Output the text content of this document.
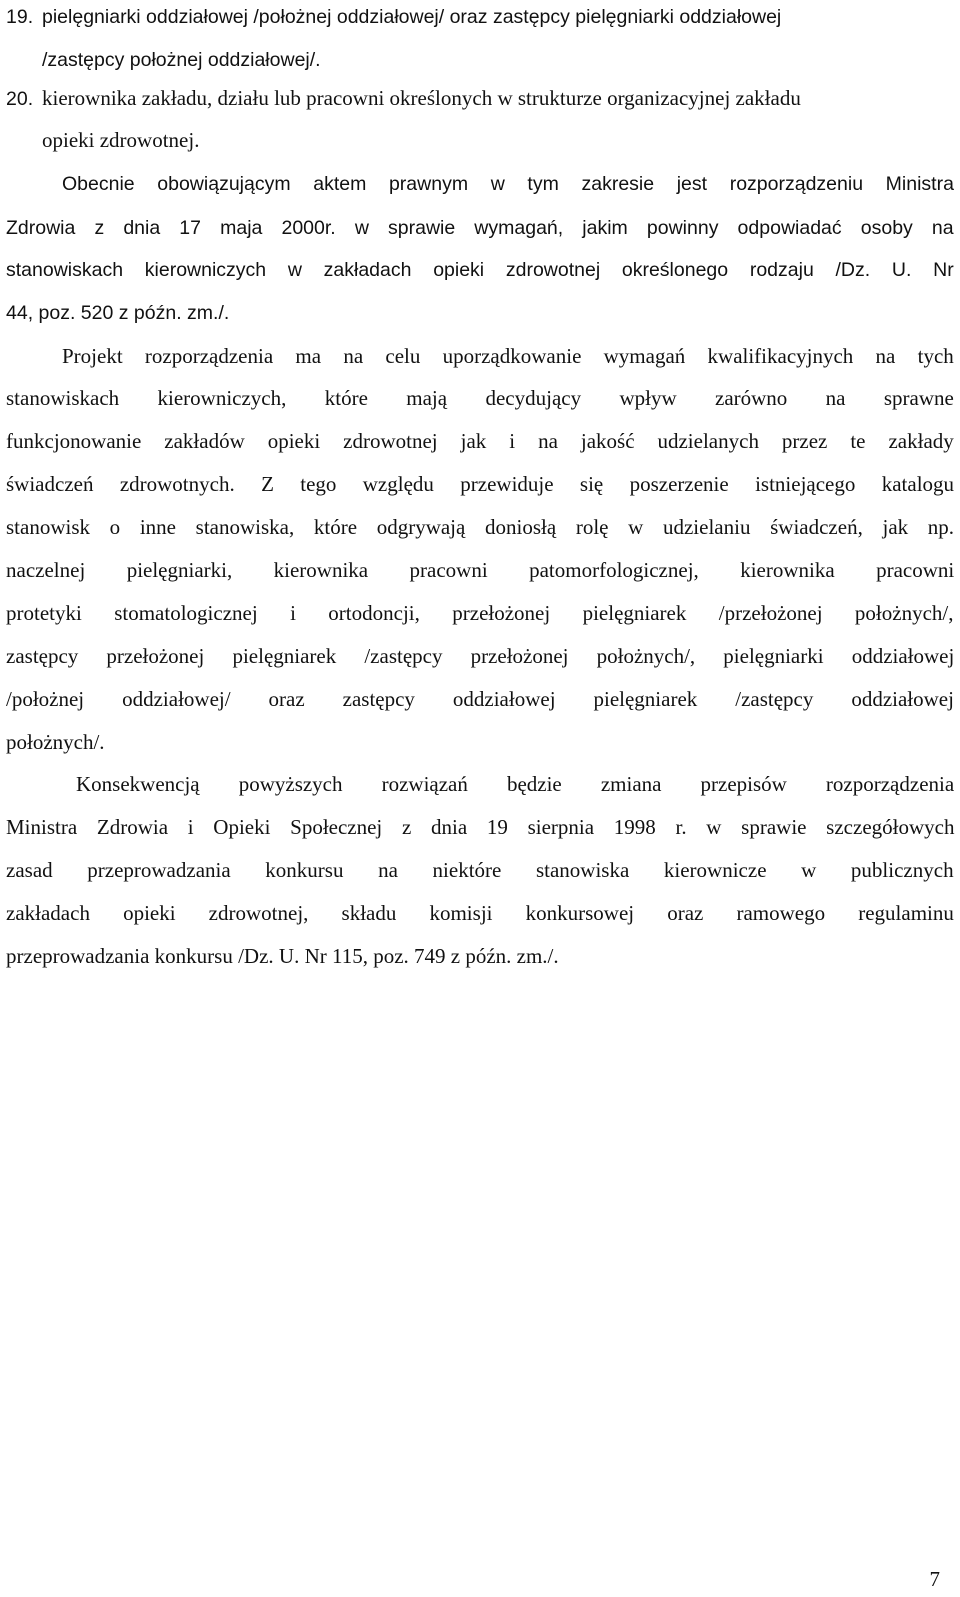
19. pielęgniarki oddziałowej /położnej oddziałowej/ oraz zastępcy pielęgniarki oddziałowej
/zastępcy położnej oddziałowej/.
20. kierownika zakładu, działu lub pracowni określonych w strukturze organizacyjnej zakładu
opieki zdrowotnej.
Obecnie obowiązującym aktem prawnym w tym zakresie jest rozporządzeniu Ministra
Zdrowia z dnia 17 maja 2000r. w sprawie wymagań, jakim powinny odpowiadać osoby na
stanowiskach kierowniczych w zakładach opieki zdrowotnej określonego rodzaju /Dz. U. Nr
44, poz. 520 z późn. zm./.
Projekt rozporządzenia ma na celu uporządkowanie wymagań kwalifikacyjnych na tych
stanowiskach kierowniczych, które mają decydujący wpływ zarówno na sprawne
funkcjonowanie zakładów opieki zdrowotnej jak i na jakość udzielanych przez te zakłady
świadczeń zdrowotnych. Z tego względu przewiduje się poszerzenie istniejącego katalogu
stanowisk o inne stanowiska, które odgrywają doniosłą rolę w udzielaniu świadczeń, jak np.
naczelnej pielęgniarki, kierownika pracowni patomorfologicznej, kierownika pracowni
protetyki stomatologicznej i ortodoncji, przełożonej pielęgniarek /przełożonej położnych/,
zastępcy przełożonej pielęgniarek /zastępcy przełożonej położnych/, pielęgniarki oddziałowej
/położnej oddziałowej/ oraz zastępcy oddziałowej pielęgniarek /zastępcy oddziałowej
położnych/.
Konsekwencją powyższych rozwiązań będzie zmiana przepisów rozporządzenia
Ministra Zdrowia i Opieki Społecznej z dnia 19 sierpnia 1998 r. w sprawie szczegółowych
zasad przeprowadzania konkursu na niektóre stanowiska kierownicze w publicznych
zakładach opieki zdrowotnej, składu komisji konkursowej oraz ramowego regulaminu
przeprowadzania konkursu /Dz. U. Nr 115, poz. 749 z późn. zm./.
7
